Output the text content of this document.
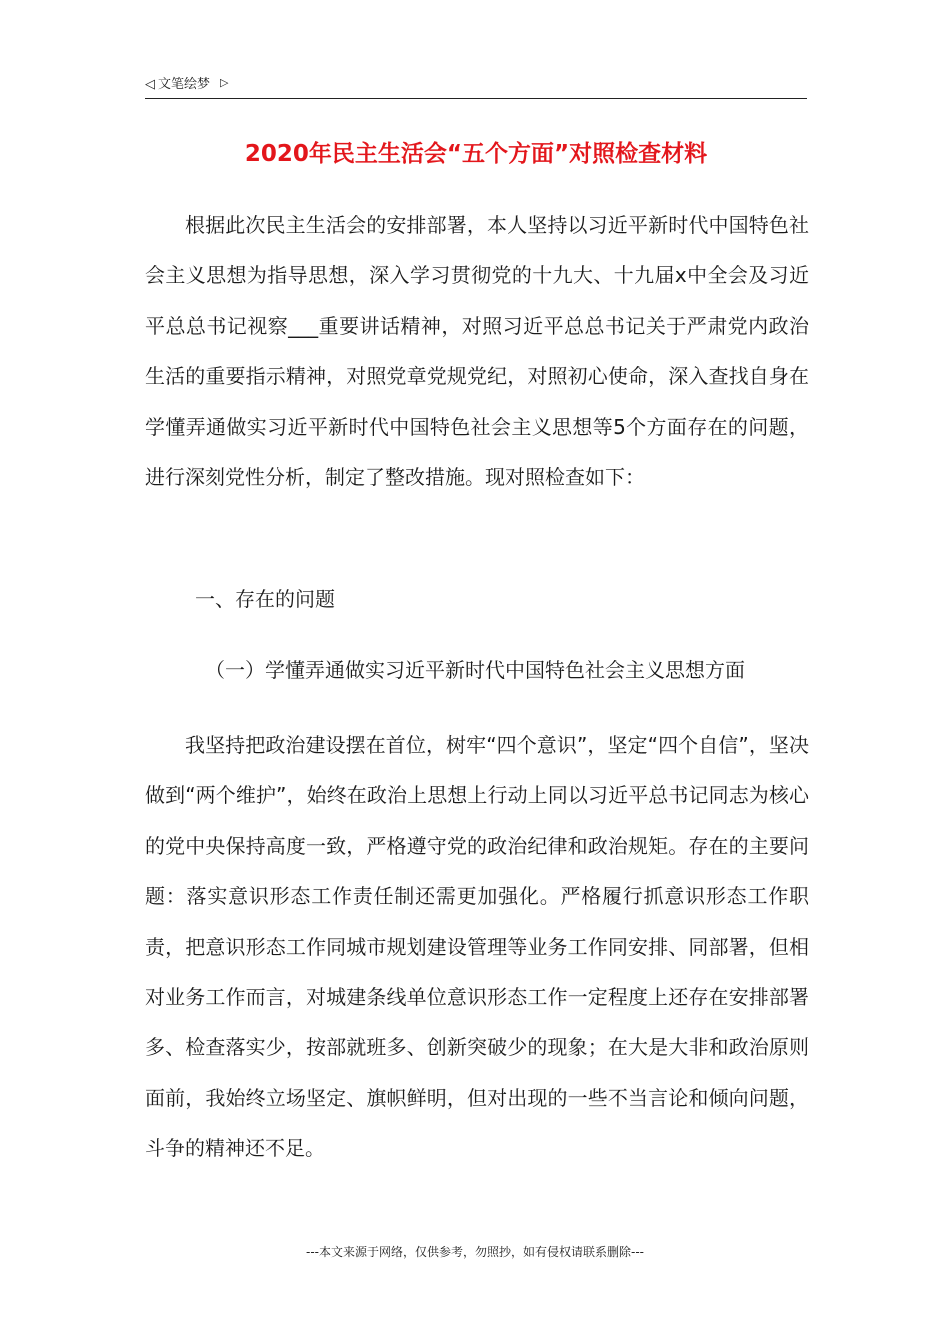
◁ 文笔绘梦 ▷
2020年民主生活会“五个方面”对照检查材料

根据此次民主生活会的安排部署，本人坚持以习近平新时代中国特色社会主义思想为指导思想，深入学习贯彻党的十九大、十九届x中全会及习近平总总书记视察___重要讲话精神，对照习近平总总书记关于严肃党内政治生活的重要指示精神，对照党章党规党纪，对照初心使命，深入查找自身在学懂弄通做实习近平新时代中国特色社会主义思想等5个方面存在的问题，进行深刻党性分析，制定了整改措施。现对照检查如下：

一、存在的问题

（一）学懂弄通做实习近平新时代中国特色社会主义思想方面

我坚持把政治建设摆在首位，树牢“四个意识”，坚定“四个自信”，坚决做到“两个维护”，始终在政治上思想上行动上同以习近平总书记同志为核心的党中央保持高度一致，严格遵守党的政治纪律和政治规矩。存在的主要问题：落实意识形态工作责任制还需更加强化。严格履行抓意识形态工作职责，把意识形态工作同城市规划建设管理等业务工作同安排、同部署，但相对业务工作而言，对城建条线单位意识形态工作一定程度上还存在安排部署多、检查落实少，按部就班多、创新突破少的现象；在大是大非和政治原则面前，我始终立场坚定、旗帜鲜明，但对出现的一些不当言论和倾向问题，斗争的精神还不足。

---本文来源于网络，仅供参考，勿照抄，如有侵权请联系删除---
